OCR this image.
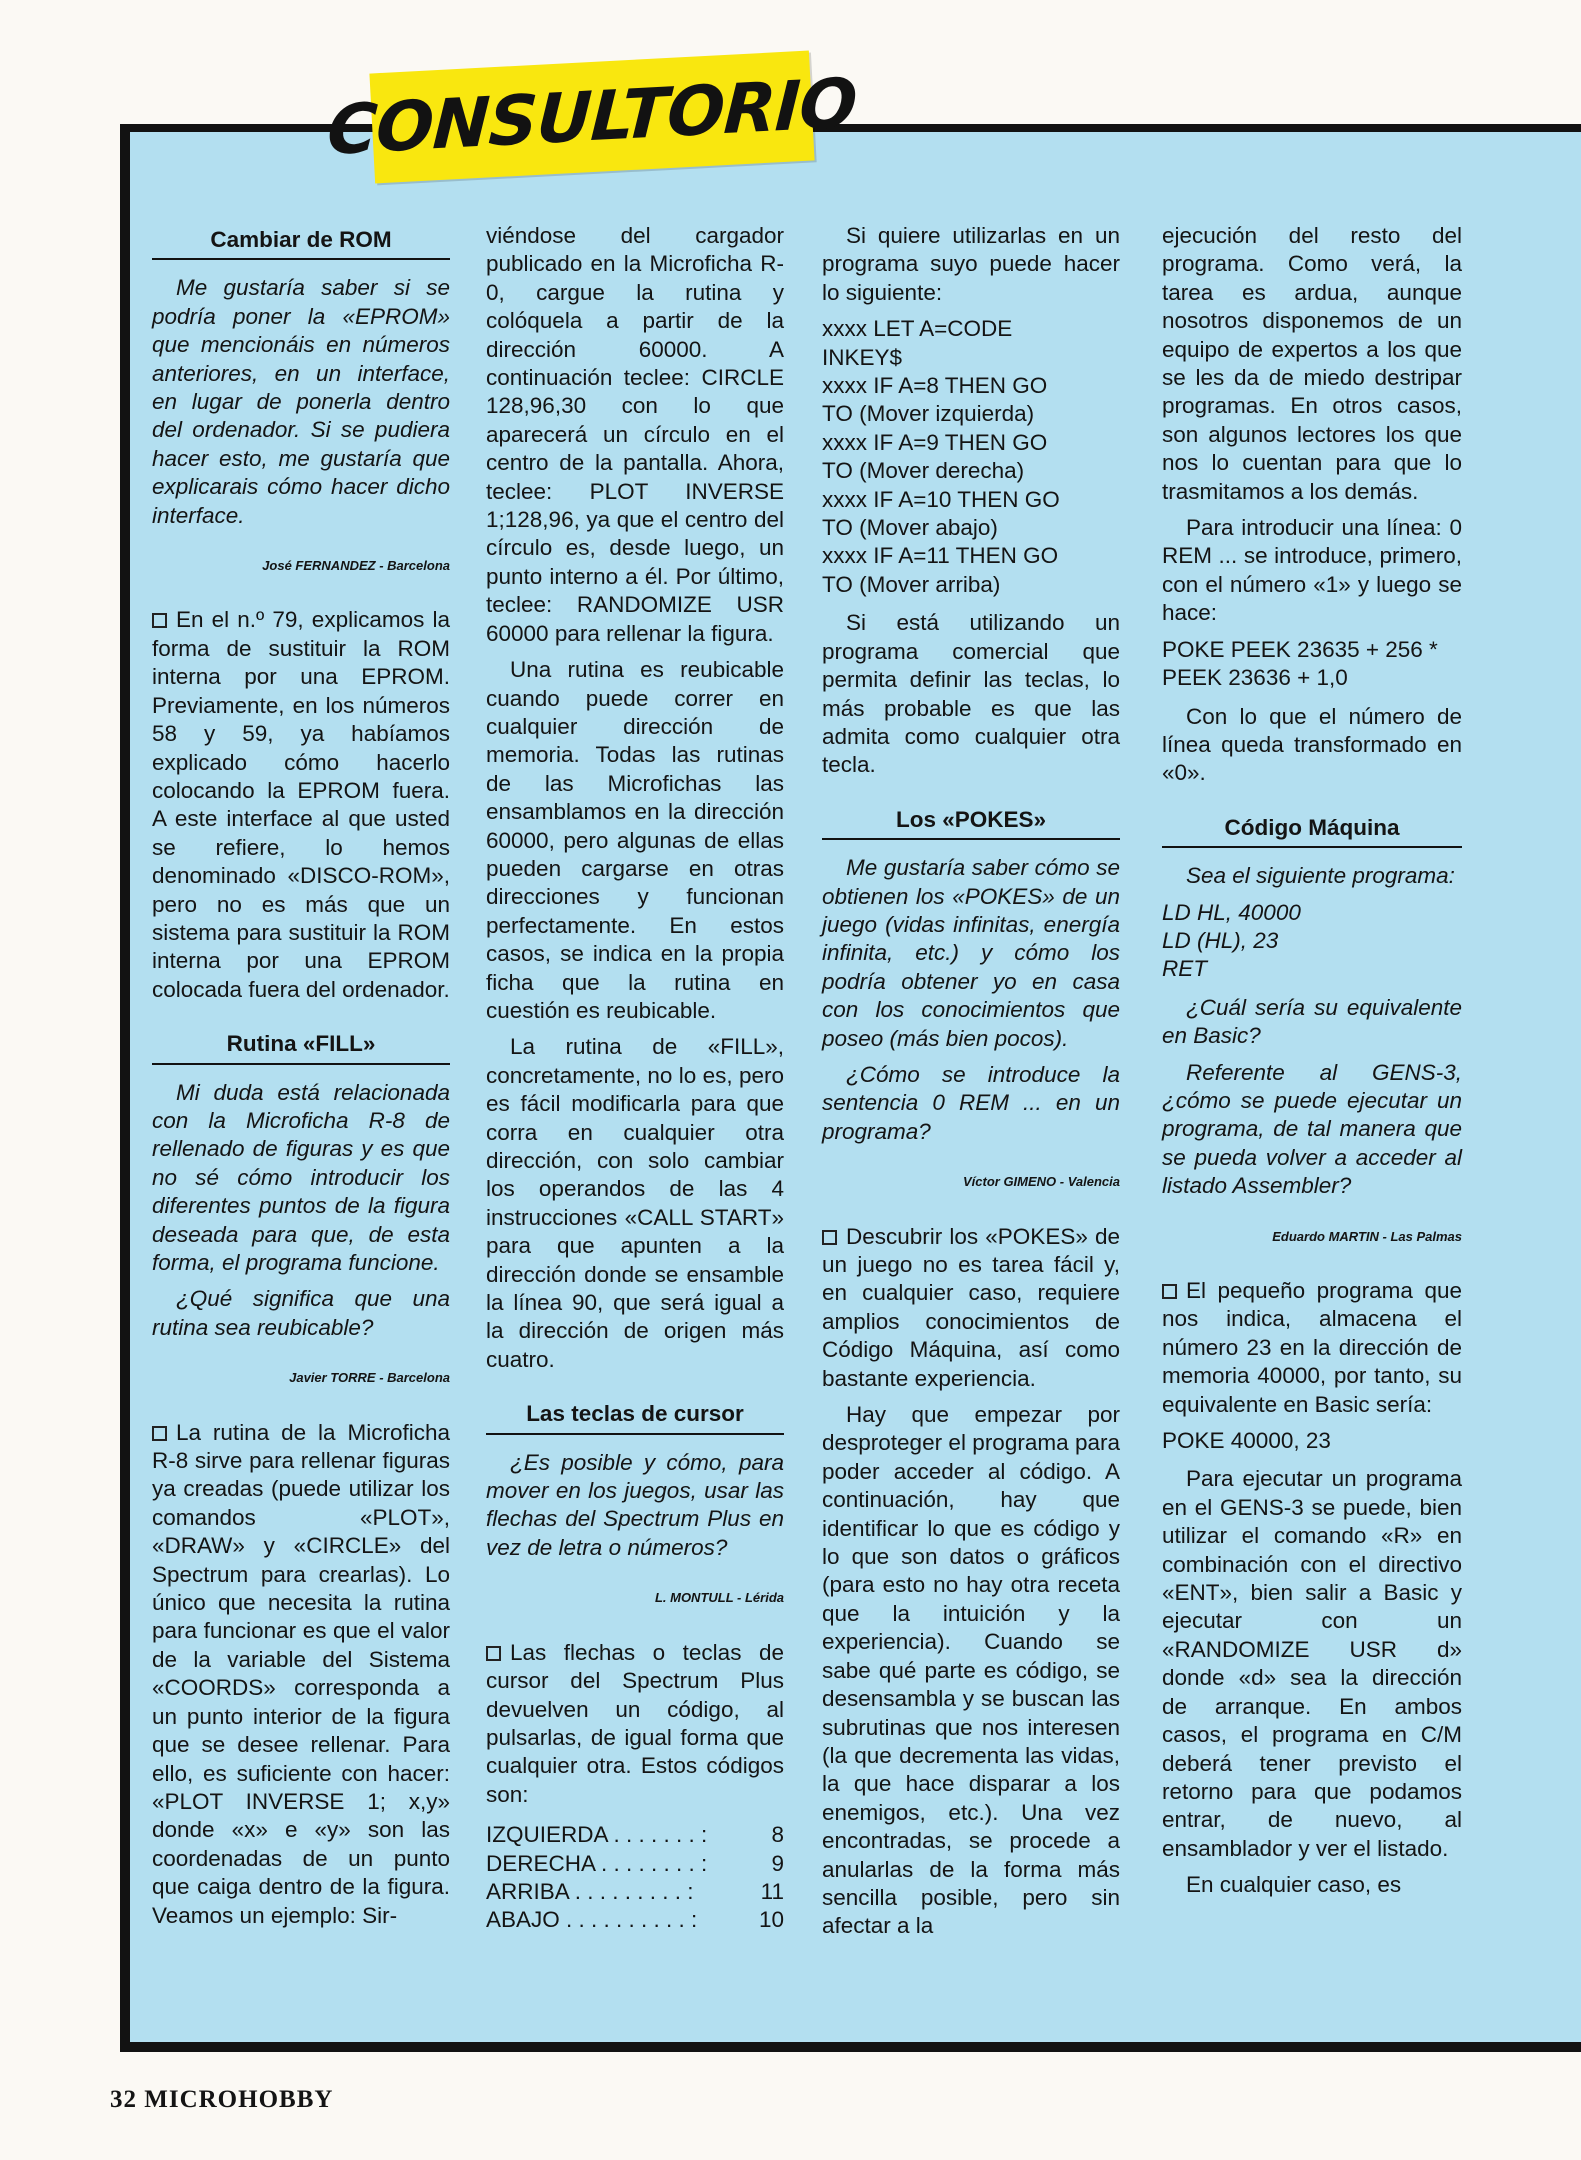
CONSULTORIO
Cambiar de ROM

Me gustaría saber si se podría poner la «EPROM» que mencionáis en números anteriores, en un interface, en lugar de ponerla dentro del ordenador. Si se pudiera hacer esto, me gustaría que explicarais cómo hacer dicho interface.

José FERNANDEZ - Barcelona

En el n.º 79, explicamos la forma de sustituir la ROM interna por una EPROM. Previamente, en los números 58 y 59, ya habíamos explicado cómo hacerlo colocando la EPROM fuera. A este interface al que usted se refiere, lo hemos denominado «DISCO-ROM», pero no es más que un sistema para sustituir la ROM interna por una EPROM colocada fuera del ordenador.

Rutina «FILL»

Mi duda está relacionada con la Microficha R-8 de rellenado de figuras y es que no sé cómo introducir los diferentes puntos de la figura deseada para que, de esta forma, el programa funcione.

¿Qué significa que una rutina sea reubicable?

Javier TORRE - Barcelona

La rutina de la Microficha R-8 sirve para rellenar figuras ya creadas (puede utilizar los comandos «PLOT», «DRAW» y «CIRCLE» del Spectrum para crearlas). Lo único que necesita la rutina para funcionar es que el valor de la variable del Sistema «COORDS» corresponda a un punto interior de la figura que se desee rellenar. Para ello, es suficiente con hacer: «PLOT INVERSE 1; x,y» donde «x» e «y» son las coordenadas de un punto que caiga dentro de la figura. Veamos un ejemplo: Sir-

viéndose del cargador publicado en la Microficha R-0, cargue la rutina y colóquela a partir de la dirección 60000. A continuación teclee: CIRCLE 128,96,30 con lo que aparecerá un círculo en el centro de la pantalla. Ahora, teclee: PLOT INVERSE 1;128,96, ya que el centro del círculo es, desde luego, un punto interno a él. Por último, teclee: RANDOMIZE USR 60000 para rellenar la figura.

Una rutina es reubicable cuando puede correr en cualquier dirección de memoria. Todas las rutinas de las Microfichas las ensamblamos en la dirección 60000, pero algunas de ellas pueden cargarse en otras direcciones y funcionan perfectamente. En estos casos, se indica en la propia ficha que la rutina en cuestión es reubicable.

La rutina de «FILL», concretamente, no lo es, pero es fácil modificarla para que corra en cualquier otra dirección, con solo cambiar los operandos de las 4 instrucciones «CALL START» para que apunten a la dirección donde se ensamble la línea 90, que será igual a la dirección de origen más cuatro.

Las teclas de cursor

¿Es posible y cómo, para mover en los juegos, usar las flechas del Spectrum Plus en vez de letra o números?

L. MONTULL - Lérida

Las flechas o teclas de cursor del Spectrum Plus devuelven un código, al pulsarlas, de igual forma que cualquier otra. Estos códigos son:

IZQUIERDA . . . . . . . :	8
DERECHA . . . . . . . . :	9
ARRIBA . . . . . . . . . :	11
ABAJO . . . . . . . . . . :	10

Si quiere utilizarlas en un programa suyo puede hacer lo siguiente:

xxxx LET A=CODE
INKEY$
xxxx IF A=8 THEN GO
TO (Mover izquierda)
xxxx IF A=9 THEN GO
TO (Mover derecha)
xxxx IF A=10 THEN GO
TO (Mover abajo)
xxxx IF A=11 THEN GO
TO (Mover arriba)

Si está utilizando un programa comercial que permita definir las teclas, lo más probable es que las admita como cualquier otra tecla.

Los «POKES»

Me gustaría saber cómo se obtienen los «POKES» de un juego (vidas infinitas, energía infinita, etc.) y cómo los podría obtener yo en casa con los conocimientos que poseo (más bien pocos).

¿Cómo se introduce la sentencia 0 REM ... en un programa?

Víctor GIMENO - Valencia

Descubrir los «POKES» de un juego no es tarea fácil y, en cualquier caso, requiere amplios conocimientos de Código Máquina, así como bastante experiencia.

Hay que empezar por desproteger el programa para poder acceder al código. A continuación, hay que identificar lo que es código y lo que son datos o gráficos (para esto no hay otra receta que la intuición y la experiencia). Cuando se sabe qué parte es código, se desensambla y se buscan las subrutinas que nos interesen (la que decrementa las vidas, la que hace disparar a los enemigos, etc.). Una vez encontradas, se procede a anularlas de la forma más sencilla posible, pero sin afectar a la

ejecución del resto del programa. Como verá, la tarea es ardua, aunque nosotros disponemos de un equipo de expertos a los que se les da de miedo destripar programas. En otros casos, son algunos lectores los que nos lo cuentan para que lo trasmitamos a los demás.

Para introducir una línea: 0 REM ... se introduce, primero, con el número «1» y luego se hace:

POKE PEEK 23635 + 256 *
PEEK 23636 + 1,0

Con lo que el número de línea queda transformado en «0».

Código Máquina

Sea el siguiente programa:

LD HL, 40000
LD (HL), 23
RET

¿Cuál sería su equivalente en Basic?

Referente al GENS-3, ¿cómo se puede ejecutar un programa, de tal manera que se pueda volver a acceder al listado Assembler?

Eduardo MARTIN - Las Palmas

El pequeño programa que nos indica, almacena el número 23 en la dirección de memoria 40000, por tanto, su equivalente en Basic sería:

POKE 40000, 23

Para ejecutar un programa en el GENS-3 se puede, bien utilizar el comando «R» en combinación con el directivo «ENT», bien salir a Basic y ejecutar con un «RANDOMIZE USR d» donde «d» sea la dirección de arranque. En ambos casos, el programa en C/M deberá tener previsto el retorno para que podamos entrar, de nuevo, al ensamblador y ver el listado.

En cualquier caso, es

32 MICROHOBBY
